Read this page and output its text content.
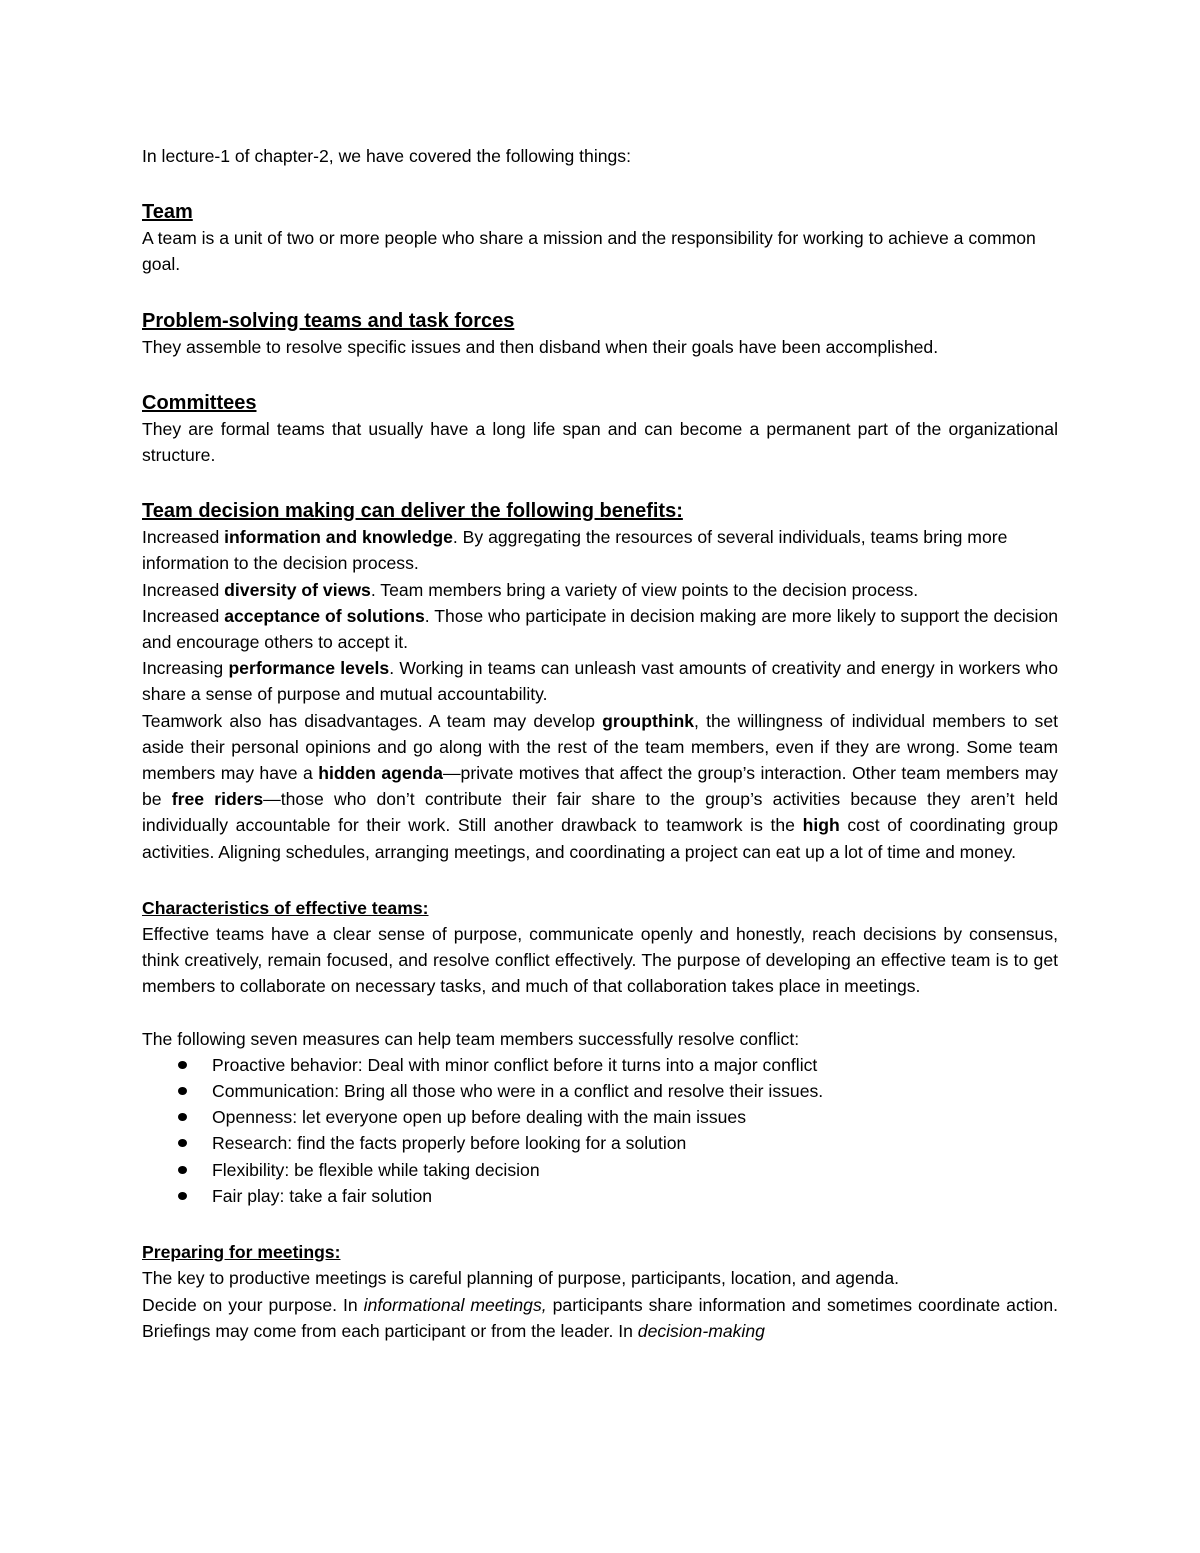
In lecture-1 of chapter-2, we have covered the following things:

Team

A team is a unit of two or more people who share a mission and the responsibility for working to achieve a common goal.

Problem-solving teams and task forces

They assemble to resolve specific issues and then disband when their goals have been accomplished.

Committees

They are formal teams that usually have a long life span and can become a permanent part of the organizational structure.

Team decision making can deliver the following benefits:

Increased information and knowledge. By aggregating the resources of several individuals, teams bring more information to the decision process.

Increased diversity of views. Team members bring a variety of view points to the decision process.

Increased acceptance of solutions. Those who participate in decision making are more likely to support the decision and encourage others to accept it.

Increasing performance levels. Working in teams can unleash vast amounts of creativity and energy in workers who share a sense of purpose and mutual accountability.

Teamwork also has disadvantages. A team may develop groupthink, the willingness of individual members to set aside their personal opinions and go along with the rest of the team members, even if they are wrong. Some team members may have a hidden agenda—private motives that affect the group’s interaction. Other team members may be free riders—those who don’t contribute their fair share to the group’s activities because they aren’t held individually accountable for their work. Still another drawback to teamwork is the high cost of coordinating group activities. Aligning schedules, arranging meetings, and coordinating a project can eat up a lot of time and money.

Characteristics of effective teams:

Effective teams have a clear sense of purpose, communicate openly and honestly, reach decisions by consensus, think creatively, remain focused, and resolve conflict effectively. The purpose of developing an effective team is to get members to collaborate on necessary tasks, and much of that collaboration takes place in meetings.

The following seven measures can help team members successfully resolve conflict:

Proactive behavior: Deal with minor conflict before it turns into a major conflict
Communication: Bring all those who were in a conflict and resolve their issues.
Openness: let everyone open up before dealing with the main issues
Research: find the facts properly before looking for a solution
Flexibility: be flexible while taking decision
Fair play: take a fair solution

Preparing for meetings:

The key to productive meetings is careful planning of purpose, participants, location, and agenda.

Decide on your purpose. In informational meetings, participants share information and sometimes coordinate action. Briefings may come from each participant or from the leader. In decision-making
